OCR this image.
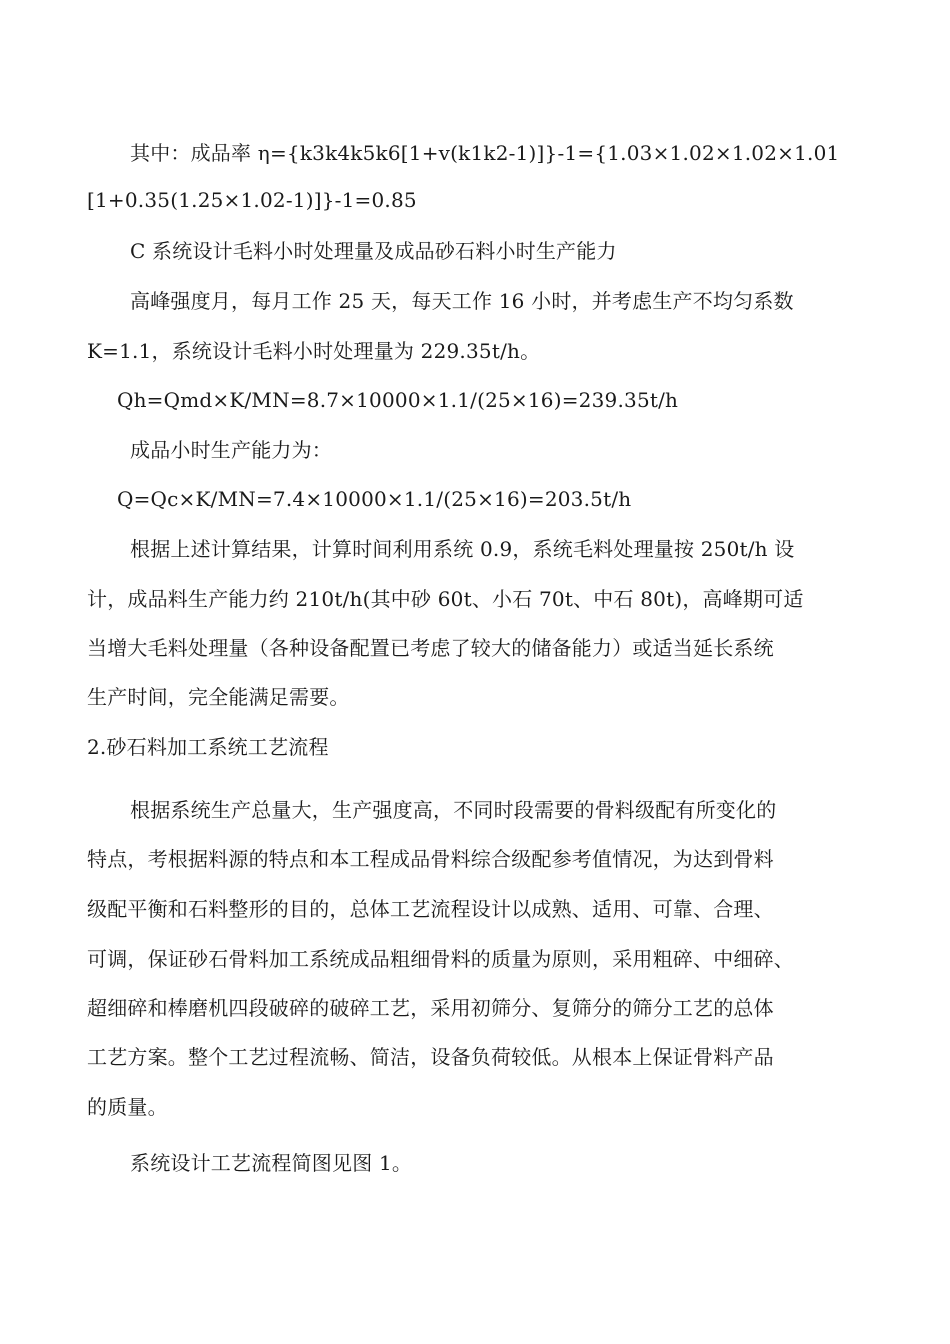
其中：成品率 η={k3k4k5k6[1+v(k1k2-1)]}-1={1.03×1.02×1.02×1.01
[1+0.35(1.25×1.02-1)]}-1=0.85
C 系统设计毛料小时处理量及成品砂石料小时生产能力
高峰强度月，每月工作 25 天，每天工作 16 小时，并考虑生产不均匀系数
K=1.1，系统设计毛料小时处理量为 229.35t/h。
Qh=Qmd×K/MN=8.7×10000×1.1/(25×16)=239.35t/h
成品小时生产能力为：
Q=Qc×K/MN=7.4×10000×1.1/(25×16)=203.5t/h
根据上述计算结果，计算时间利用系统 0.9，系统毛料处理量按 250t/h 设
计，成品料生产能力约 210t/h(其中砂 60t、小石 70t、中石 80t)，高峰期可适
当增大毛料处理量（各种设备配置已考虑了较大的储备能力）或适当延长系统
生产时间，完全能满足需要。
2.砂石料加工系统工艺流程
根据系统生产总量大，生产强度高，不同时段需要的骨料级配有所变化的
特点，考根据料源的特点和本工程成品骨料综合级配参考值情况，为达到骨料
级配平衡和石料整形的目的，总体工艺流程设计以成熟、适用、可靠、合理、
可调，保证砂石骨料加工系统成品粗细骨料的质量为原则，采用粗碎、中细碎、
超细碎和棒磨机四段破碎的破碎工艺，采用初筛分、复筛分的筛分工艺的总体
工艺方案。整个工艺过程流畅、简洁，设备负荷较低。从根本上保证骨料产品
的质量。
系统设计工艺流程简图见图 1。
